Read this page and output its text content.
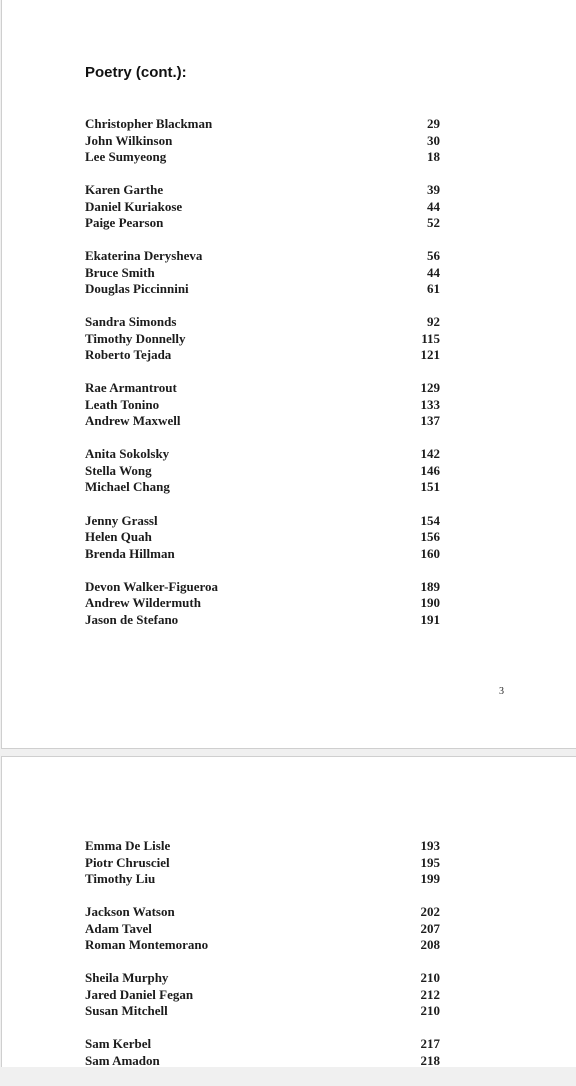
Poetry (cont.):
Christopher Blackman	29
John Wilkinson	30
Lee Sumyeong	18
Karen Garthe	39
Daniel Kuriakose	44
Paige Pearson	52
Ekaterina Derysheva	56
Bruce Smith	44
Douglas Piccinnini	61
Sandra Simonds	92
Timothy Donnelly	115
Roberto Tejada	121
Rae Armantrout	129
Leath Tonino	133
Andrew Maxwell	137
Anita Sokolsky	142
Stella Wong	146
Michael Chang	151
Jenny Grassl	154
Helen Quah	156
Brenda Hillman	160
Devon Walker-Figueroa	189
Andrew Wildermuth	190
Jason de Stefano	191
3
Emma De Lisle	193
Piotr Chrusciel	195
Timothy Liu	199
Jackson Watson	202
Adam Tavel	207
Roman Montemorano	208
Sheila Murphy	210
Jared Daniel Fegan	212
Susan Mitchell	210
Sam Kerbel	217
Sam Amadon	218
